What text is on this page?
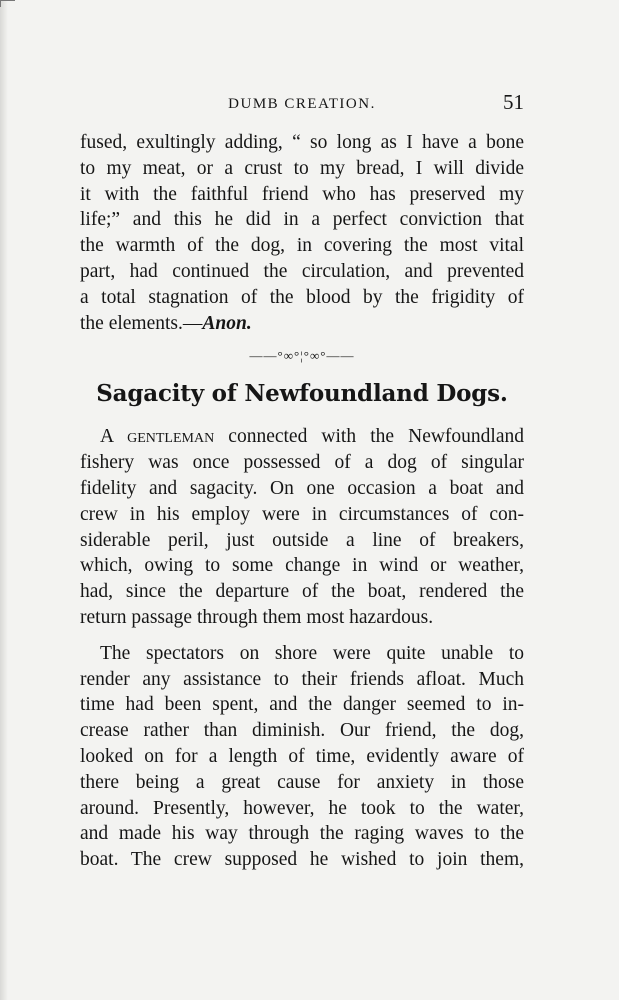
DUMB CREATION.	51
fused, exultingly adding, “ so long as I have a bone
to my meat, or a crust to my bread, I will divide
it with the faithful friend who has preserved my
life;” and this he did in a perfect conviction that
the warmth of the dog, in covering the most vital
part, had continued the circulation, and prevented
a total stagnation of the blood by the frigidity of
the elements.—Anon.
——°∞°¦°∞°——
Sagacity of Newfoundland Dogs.
A gentleman connected with the Newfoundland
fishery was once possessed of a dog of singular
fidelity and sagacity. On one occasion a boat and
crew in his employ were in circumstances of con-
siderable peril, just outside a line of breakers,
which, owing to some change in wind or weather,
had, since the departure of the boat, rendered the
return passage through them most hazardous.
The spectators on shore were quite unable to
render any assistance to their friends afloat. Much
time had been spent, and the danger seemed to in-
crease rather than diminish. Our friend, the dog,
looked on for a length of time, evidently aware of
there being a great cause for anxiety in those
around. Presently, however, he took to the water,
and made his way through the raging waves to the
boat. The crew supposed he wished to join them,
